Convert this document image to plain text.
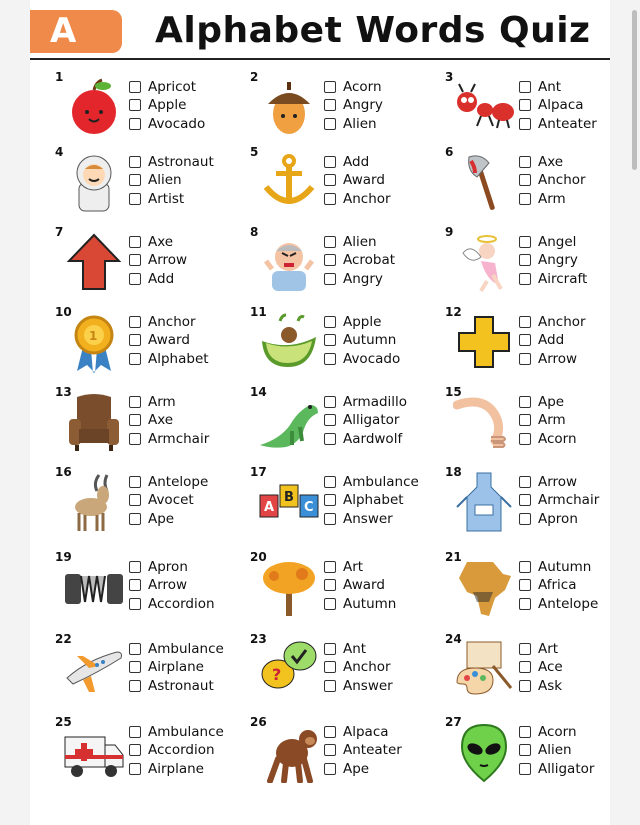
A	Alphabet Words Quiz
1
Apricot
Apple
Avocado
2
Acorn
Angry
Alien
3
Ant
Alpaca
Anteater
4
Astronaut
Alien
Artist
5
Add
Award
Anchor
6
Axe
Anchor
Arm
7
Axe
Arrow
Add
8
Alien
Acrobat
Angry
9
Angel
Angry
Aircraft
10
1
Anchor
Award
Alphabet
11
Apple
Autumn
Avocado
12
Anchor
Add
Arrow
13
Arm
Axe
Armchair
14
Armadillo
Alligator
Aardwolf
15
Ape
Arm
Acorn
16
Antelope
Avocet
Ape
17
A
B
C
Ambulance
Alphabet
Answer
18
Arrow
Armchair
Apron
19
Apron
Arrow
Accordion
20
Art
Award
Autumn
21
Autumn
Africa
Antelope
22
Ambulance
Airplane
Astronaut
23
?
Ant
Anchor
Answer
24
Art
Ace
Ask
25
Ambulance
Accordion
Airplane
26
Alpaca
Anteater
Ape
27
Acorn
Alien
Alligator
